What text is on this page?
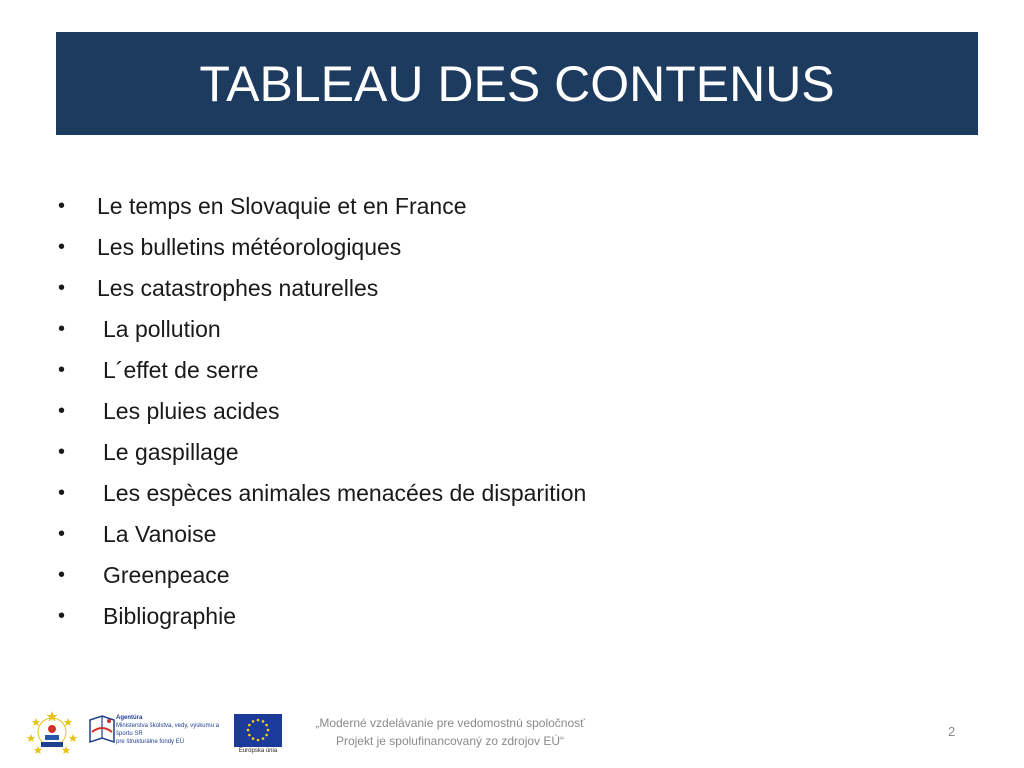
TABLEAU DES CONTENUS
•	Le temps en Slovaquie et en France
•	Les bulletins météorologiques
•	Les catastrophes naturelles
•	La pollution
•	L´effet de serre
•	Les pluies acides
•	Le gaspillage
•	Les espèces animales menacées de disparition
•	La Vanoise
•	Greenpeace
•	Bibliographie
Agentúra
Ministerstva školstva, vedy, výskumu a športu SR
pre štrukturálne fondy EÚ
Európska únia
„Moderné vzdelávanie pre vedomostnú spoločnosť
Projekt je spolufinancovaný zo zdrojov EÚ“
2
